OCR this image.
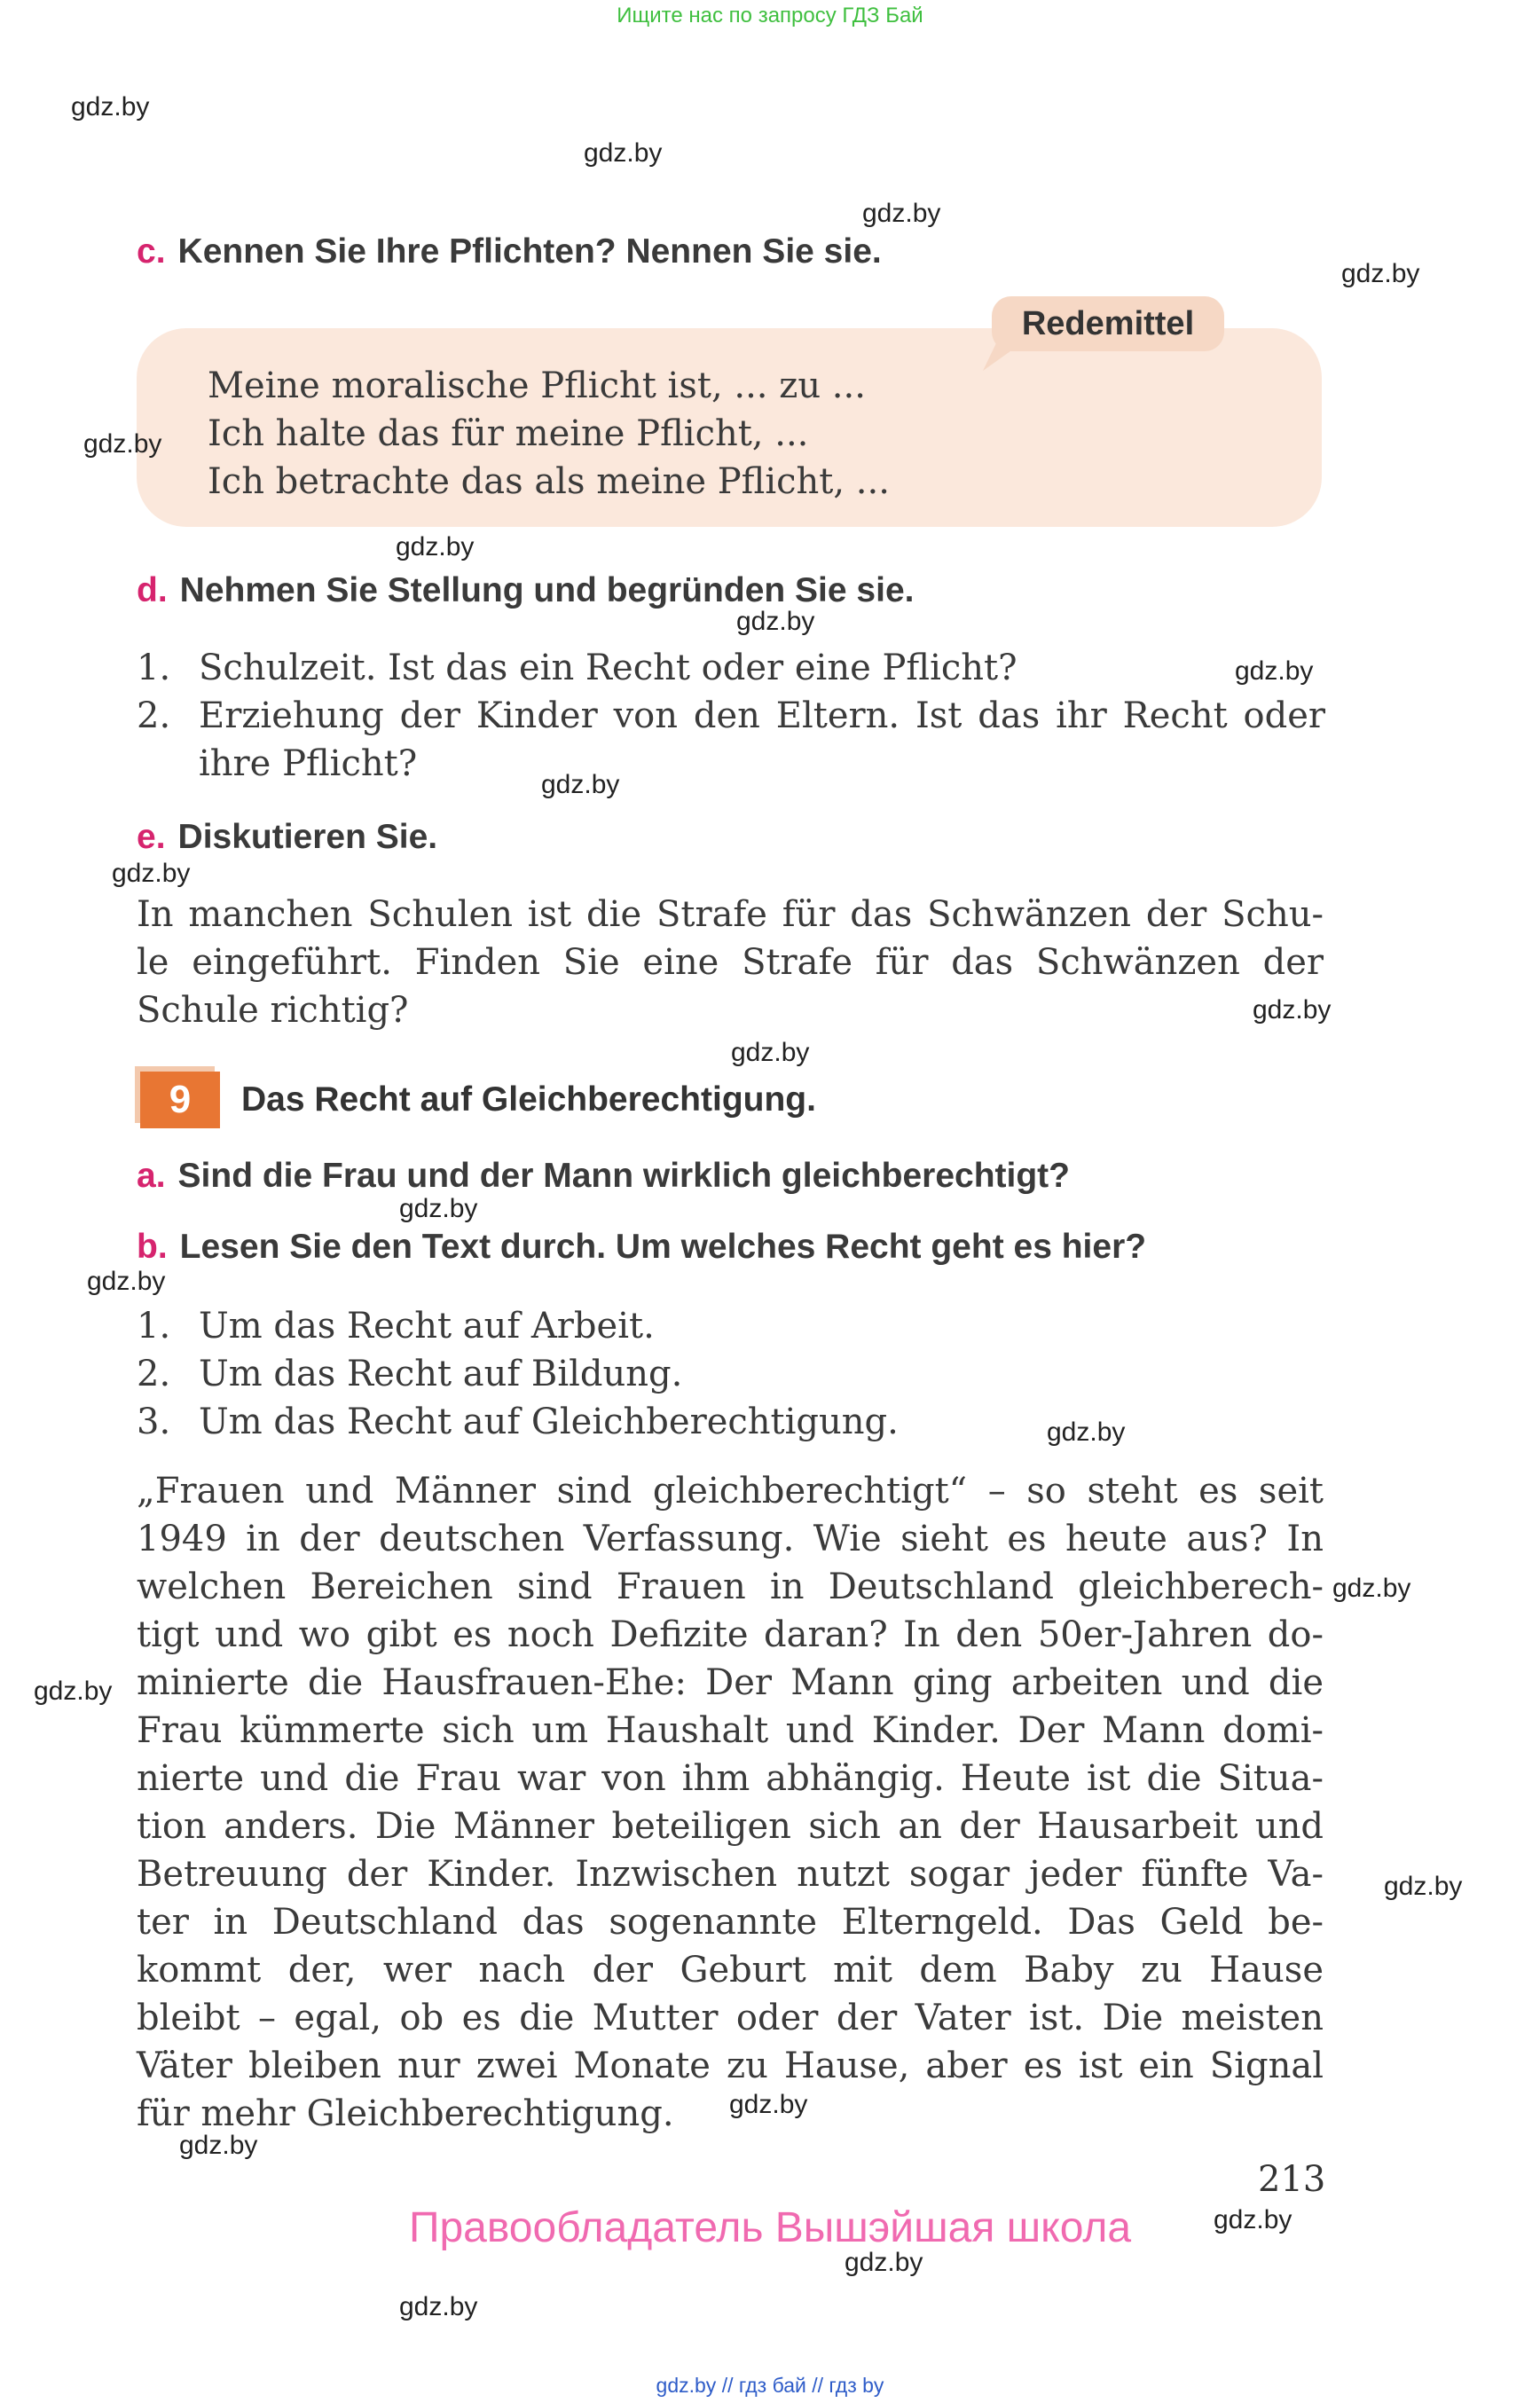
Ищите нас по запросу ГДЗ Бай
c. Kennen Sie Ihre Pflichten? Nennen Sie sie.
Redemittel
Meine moralische Pflicht ist, ... zu ...
Ich halte das für meine Pflicht, ...
Ich betrachte das als meine Pflicht, ...
d. Nehmen Sie Stellung und begründen Sie sie.
1. Schulzeit. Ist das ein Recht oder eine Pflicht?
2. Erziehung der Kinder von den Eltern. Ist das ihr Recht oder ihre Pflicht?
e. Diskutieren Sie.
In manchen Schulen ist die Strafe für das Schwänzen der Schu-
le eingeführt. Finden Sie eine Strafe für das Schwänzen der
Schule richtig?
9	Das Recht auf Gleichberechtigung.
a. Sind die Frau und der Mann wirklich gleichberechtigt?
b. Lesen Sie den Text durch. Um welches Recht geht es hier?
1. Um das Recht auf Arbeit.
2. Um das Recht auf Bildung.
3. Um das Recht auf Gleichberechtigung.
„Frauen und Männer sind gleichberechtigt“ – so steht es seit
1949 in der deutschen Verfassung. Wie sieht es heute aus? In
welchen Bereichen sind Frauen in Deutschland gleichberech-
tigt und wo gibt es noch Defizite daran? In den 50er-Jahren do-
minierte die Hausfrauen-Ehe: Der Mann ging arbeiten und die
Frau kümmerte sich um Haushalt und Kinder. Der Mann domi-
nierte und die Frau war von ihm abhängig. Heute ist die Situa-
tion anders. Die Männer beteiligen sich an der Hausarbeit und
Betreuung der Kinder. Inzwischen nutzt sogar jeder fünfte Va-
ter in Deutschland das sogenannte Elterngeld. Das Geld be-
kommt der, wer nach der Geburt mit dem Baby zu Hause
bleibt – egal, ob es die Mutter oder der Vater ist. Die meisten
Väter bleiben nur zwei Monate zu Hause, aber es ist ein Signal
für mehr Gleichberechtigung.
213
Правообладатель Вышэйшая школа
gdz.by
gdz.by
gdz.by
gdz.by
gdz.by
gdz.by
gdz.by
gdz.by
gdz.by
gdz.by
gdz.by
gdz.by
gdz.by
gdz.by
gdz.by
gdz.by
gdz.by
gdz.by
gdz.by
gdz.by
gdz.by
gdz.by
gdz.by
gdz.by // гдз бай // гдз by
